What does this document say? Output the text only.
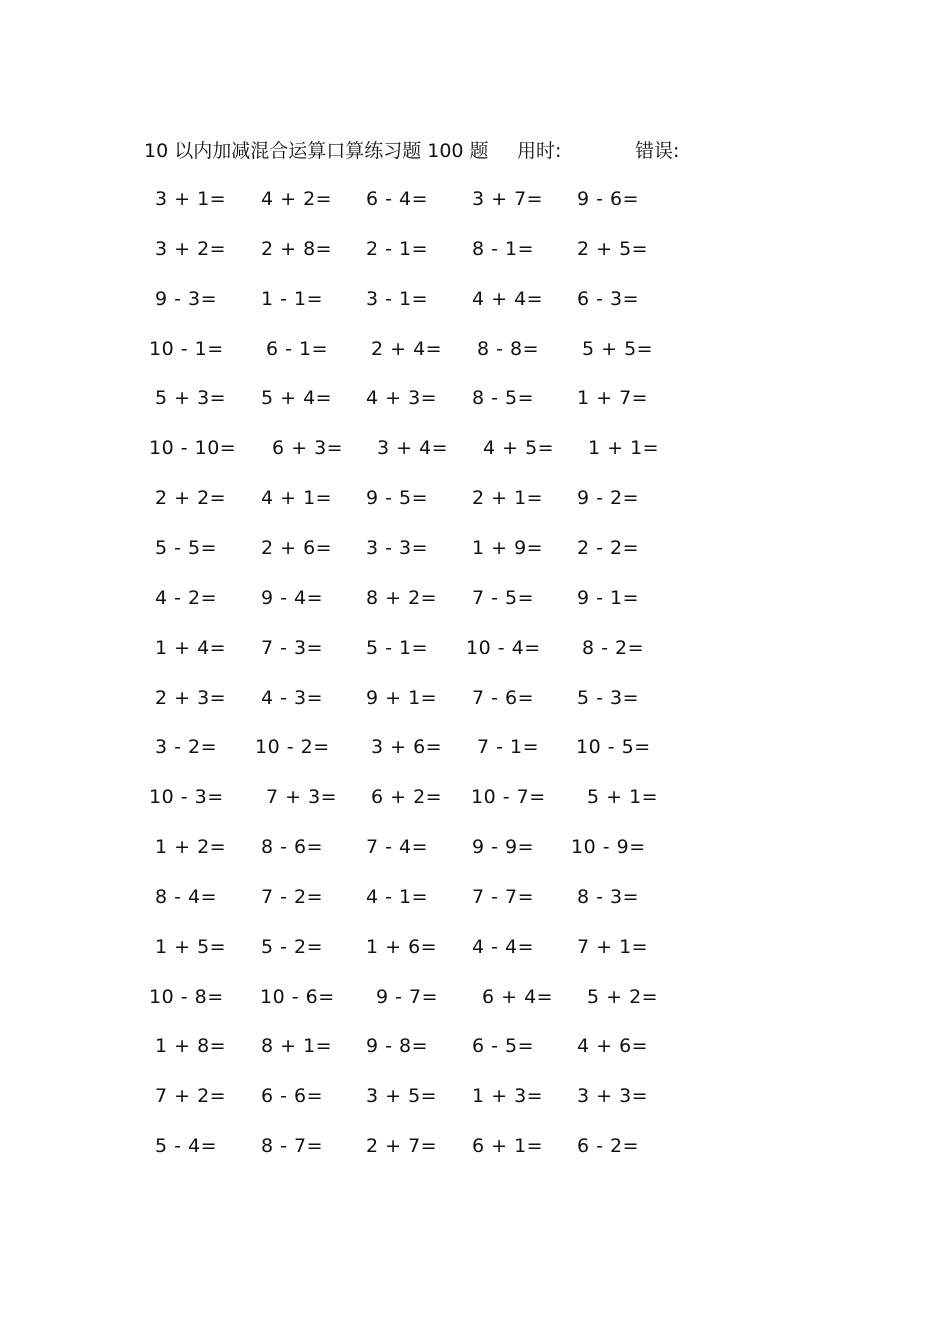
10 以内加减混合运算口算练习题 100 题 用时:	错误:
3 + 1= 4 + 2= 6 - 4= 3 + 7= 9 - 6=
3 + 2= 2 + 8= 2 - 1= 8 - 1= 2 + 5=
9 - 3= 1 - 1= 3 - 1= 4 + 4= 6 - 3=
10 - 1= 6 - 1= 2 + 4= 8 - 8= 5 + 5=
5 + 3= 5 + 4= 4 + 3= 8 - 5= 1 + 7=
10 - 10= 6 + 3= 3 + 4= 4 + 5= 1 + 1=
2 + 2= 4 + 1= 9 - 5= 2 + 1= 9 - 2=
5 - 5= 2 + 6= 3 - 3= 1 + 9= 2 - 2=
4 - 2= 9 - 4= 8 + 2= 7 - 5= 9 - 1=
1 + 4= 7 - 3= 5 - 1= 10 - 4= 8 - 2=
2 + 3= 4 - 3= 9 + 1= 7 - 6= 5 - 3=
3 - 2= 10 - 2= 3 + 6= 7 - 1= 10 - 5=
10 - 3= 7 + 3= 6 + 2= 10 - 7= 5 + 1=
1 + 2= 8 - 6= 7 - 4= 9 - 9= 10 - 9=
8 - 4= 7 - 2= 4 - 1= 7 - 7= 8 - 3=
1 + 5= 5 - 2= 1 + 6= 4 - 4= 7 + 1=
10 - 8= 10 - 6= 9 - 7= 6 + 4= 5 + 2=
1 + 8= 8 + 1= 9 - 8= 6 - 5= 4 + 6=
7 + 2= 6 - 6= 3 + 5= 1 + 3= 3 + 3=
5 - 4= 8 - 7= 2 + 7= 6 + 1= 6 - 2=
